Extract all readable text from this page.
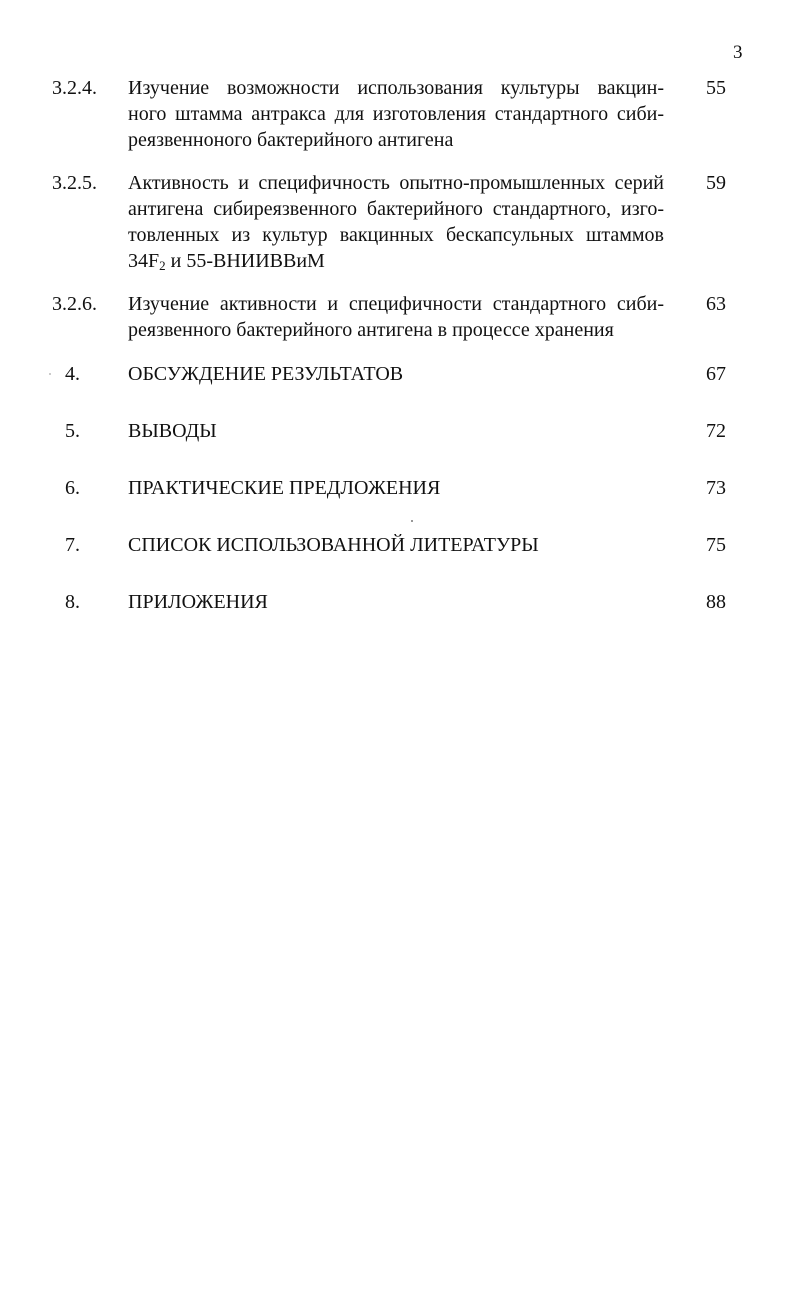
3
3.2.4. Изучение возможности использования культуры вакцин-
ного штамма антракса для изготовления стандартного сиби-
реязвенноного бактерийного антигена
55
3.2.5. Активность и специфичность опытно-промышленных серий
антигена сибиреязвенного бактерийного стандартного, изго-
товленных из культур вакцинных бескапсульных штаммов
$34F_2$ и 55-ВНИИВВиМ
59
3.2.6. Изучение активности и специфичности стандартного сиби-
реязвенного бактерийного антигена в процессе хранения
63
4. ОБСУЖДЕНИЕ РЕЗУЛЬТАТОВ	67
5. ВЫВОДЫ	72
6. ПРАКТИЧЕСКИЕ ПРЕДЛОЖЕНИЯ	73
7. СПИСОК ИСПОЛЬЗОВАННОЙ ЛИТЕРАТУРЫ	75
8. ПРИЛОЖЕНИЯ	88
